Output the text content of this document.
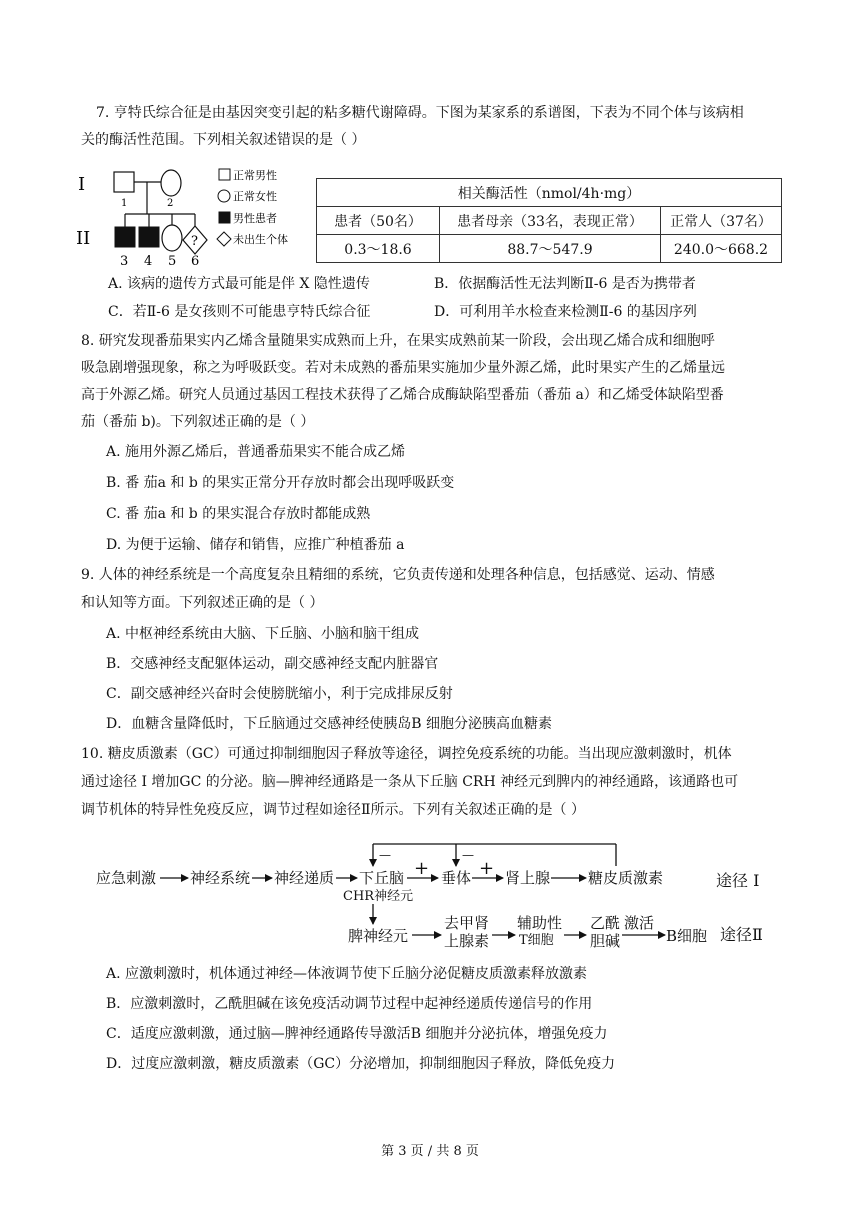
7. 亨特氏综合征是由基因突变引起的粘多糖代谢障碍。下图为某家系的系谱图，下表为不同个体与该病相
关的酶活性范围。下列相关叙述错误的是（ ）
I
II
1	2
?
3 4 5 6
正常男性
正常女性
男性患者
未出生个体
相关酶活性（nmol/4h·mg）		
患者（50名）	患者母亲（33名，表现正常）	正常人（37名）
0.3～18.6	88.7～547.9	240.0～668.2
A. 该病的遗传方式最可能是伴 X 隐性遗传	B．依据酶活性无法判断Ⅱ-6 是否为携带者
C．若Ⅱ-6 是女孩则不可能患亨特氏综合征	D．可利用羊水检查来检测Ⅱ-6 的基因序列
8. 研究发现番茄果实内乙烯含量随果实成熟而上升，在果实成熟前某一阶段，会出现乙烯合成和细胞呼
吸急剧增强现象，称之为呼吸跃变。若对未成熟的番茄果实施加少量外源乙烯，此时果实产生的乙烯量远
高于外源乙烯。研究人员通过基因工程技术获得了乙烯合成酶缺陷型番茄（番茄 a）和乙烯受体缺陷型番
茄（番茄 b)。下列叙述正确的是（ ）
A. 施用外源乙烯后，普通番茄果实不能合成乙烯
B. 番 茄a 和 b 的果实正常分开存放时都会出现呼吸跃变
C. 番 茄a 和 b 的果实混合存放时都能成熟
D. 为便于运输、储存和销售，应推广种植番茄 a
9. 人体的神经系统是一个高度复杂且精细的系统，它负责传递和处理各种信息，包括感觉、运动、情感
和认知等方面。下列叙述正确的是（ ）
A. 中枢神经系统由大脑、下丘脑、小脑和脑干组成
B．交感神经支配躯体运动，副交感神经支配内脏器官
C．副交感神经兴奋时会使膀胱缩小，利于完成排尿反射
D．血糖含量降低时，下丘脑通过交感神经使胰岛B 细胞分泌胰高血糖素
10. 糖皮质激素（GC）可通过抑制细胞因子释放等途径，调控免疫系统的功能。当出现应激刺激时，机体
通过途径 I 增加GC 的分泌。脑—脾神经通路是一条从下丘脑 CRH 神经元到脾内的神经通路，该通路也可
调节机体的特异性免疫反应，调节过程如途径Ⅱ所示。下列有关叙述正确的是（ ）
应急刺激 神经系统 神经递质 下丘脑
CHR神经元
+ 垂体 + 肾上腺	糖皮质激素	途径 I
—	—
脾神经元
去甲肾
上腺素
辅助性
T细胞
乙酰
胆碱
激活
B细胞 途径Ⅱ
A. 应激刺激时，机体通过神经—体液调节使下丘脑分泌促糖皮质激素释放激素
B．应激刺激时，乙酰胆碱在该免疫活动调节过程中起神经递质传递信号的作用
C．适度应激刺激，通过脑—脾神经通路传导激活B 细胞并分泌抗体，增强免疫力
D．过度应激刺激，糖皮质激素（GC）分泌增加，抑制细胞因子释放，降低免疫力
第 3 页 / 共 8 页
